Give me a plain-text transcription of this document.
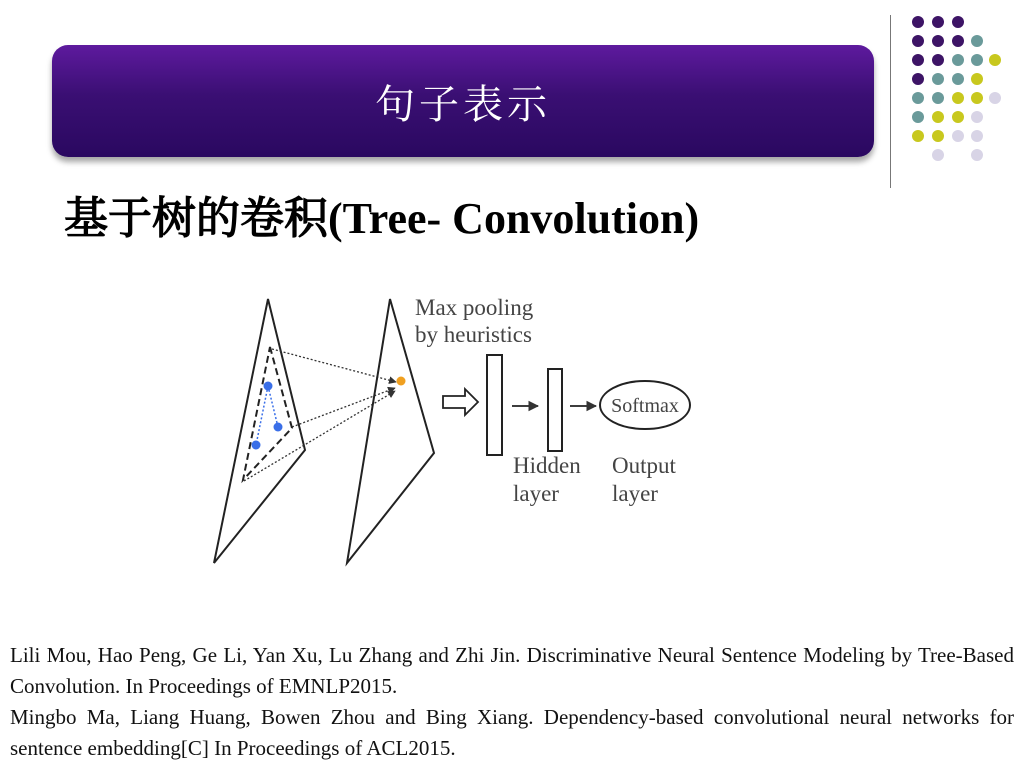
句子表示
基于树的卷积(Tree- Convolution)
Max pooling
by heuristics
Softmax
Hidden
layer
Output
layer

Lili Mou, Hao Peng, Ge Li, Yan Xu, Lu Zhang and Zhi Jin. Discriminative Neural Sentence Modeling by Tree-Based Convolution. In Proceedings of EMNLP2015.

Mingbo Ma, Liang Huang, Bowen Zhou and Bing Xiang. Dependency-based convolutional neural networks for sentence embedding[C] In Proceedings of ACL2015.
